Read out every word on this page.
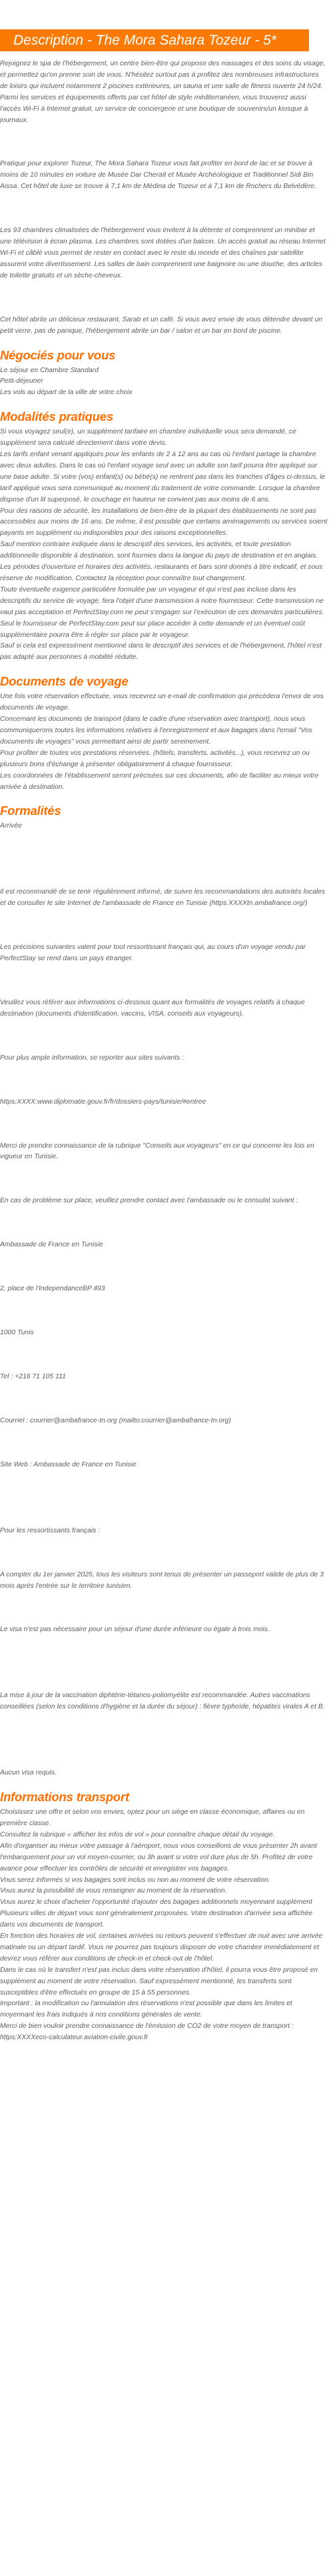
Description - The Mora Sahara Tozeur - 5*

Rejoignez le spa de l'hébergement, un centre bien-être qui propose des massages et des soins du visage, et permettez qu'on prenne soin de vous. N'hésitez surtout pas à profitez des nombreuses infrastructures de loisirs qui incluent notamment 2 piscines extérieures, un sauna et une salle de fitness ouverte 24 h/24. Parmi les services et équipements offerts par cet hôtel de style méditerranéen, vous trouverez aussi l'accès Wi-Fi à Internet gratuit, un service de conciergerie et une boutique de souvenirs/un kiosque à journaux.

Pratique pour explorer Tozeur, The Mora Sahara Tozeur vous fait profiter en bord de lac et se trouve à moins de 10 minutes en voiture de Musée Dar Cheraït et Musée Archéologique et Traditionnel Sidi Bin Aissa. Cet hôtel de luxe se trouve à 7,1 km de Médina de Tozeur et à 7,1 km de Rochers du Belvédère.

Les 93 chambres climatisées de l'hébergement vous invitent à la détente et comprennent un minibar et une télévision à écran plasma. Les chambres sont dotées d'un balcon. Un accès gratuit au réseau Internet Wi-Fi et câblé vous permet de rester en contact avec le reste du monde et des chaînes par satellite assurent votre divertissement. Les salles de bain comprennent une baignoire ou une douche, des articles de toilette gratuits et un sèche-cheveux.

Cet hôtel abrite un délicieux restaurant, Sarab et un café. Si vous avez envie de vous détendre devant un petit verre, pas de panique, l'hébergement abrite un bar / salon et un bar en bord de piscine.

Négociés pour vous

Le séjour en Chambre Standard

Petit-déjeuner

Les vols au départ de la ville de votre choix

Modalités pratiques

Si vous voyagez seul(e), un supplément tarifaire en chambre individuelle vous sera demandé, ce supplément sera calculé directement dans votre devis.

Les tarifs enfant venant appliqués pour les enfants de 2 à 12 ans au cas où l'enfant partage la chambre avec deux adultes. Dans le cas où l'enfant voyage seul avec un adulte son tarif pourra être appliqué sur une base adulte. Si votre (vos) enfant(s) ou bébé(s) ne rentrent pas dans les tranches d'âges ci-dessus, le tarif appliqué vous sera communiqué au moment du traitement de votre commande. Lorsque la chambre dispose d'un lit superposé, le couchage en hauteur ne convient pas aux moins de 6 ans.

Pour des raisons de sécurité, les installations de bien-être de la plupart des établissements ne sont pas accessibles aux moins de 16 ans. De même, il est possible que certains aménagements ou services soient payants en supplément ou indisponibles pour des raisons exceptionnelles.

Sauf mention contraire indiquée dans le descriptif des services, les activités, et toute prestation additionnelle disponible à destination, sont fournies dans la langue du pays de destination et en anglais.

Les périodes d'ouverture et horaires des activités, restaurants et bars sont donnés à titre indicatif, et sous réserve de modification. Contactez la réception pour connaître tout changement.

Toute éventuelle exigence particulière formulée par un voyageur et qui n'est pas incluse dans les descriptifs du service de voyage, fera l'objet d'une transmission à notre fournisseur. Cette transmission ne vaut pas acceptation et PerfectStay.com ne peut s'engager sur l'exécution de ces demandes particulières. Seul le fournisseur de PerfectStay.com peut sur place accéder à cette demande et un éventuel coût supplémentaire pourra être à régler sur place par le voyageur.

Sauf si cela est expressément mentionné dans le descriptif des services et de l'hébergement, l'hôtel n'est pas adapté aux personnes à mobilité réduite.

Documents de voyage

Une fois votre réservation effectuée, vous recevrez un e-mail de confirmation qui précèdera l'envoi de vos documents de voyage.

Concernant les documents de transport (dans le cadre d'une réservation avec transport), nous vous communiquerons toutes les informations relatives à l'enregistrement et aux bagages dans l'email "Vos documents de voyages" vous permettant ainsi de partir sereinement.

Pour profiter de toutes vos prestations réservées, (hôtels, transferts, activités...), vous recevrez un ou plusieurs bons d'échange à présenter obligatoirement à chaque fournisseur.

Les coordonnées de l'établissement seront précisées sur ces documents, afin de faciliter au mieux votre arrivée à destination.

Formalités

Arrivée

Il est recommandé de se tenir régulièrement informé, de suivre les recommandations des autorités locales et de consulter le site Internet de l'ambassade de France en Tunisie (https:XXXXtn.ambafrance.org/)

Les précisions suivantes valent pour tout ressortissant français qui, au cours d'un voyage vendu par PerfectStay se rend dans un pays étranger.

Veuillez vous référer aux informations ci-dessous quant aux formalités de voyages relatifs à chaque destination (documents d'identification, vaccins, VISA, conseils aux voyageurs).

Pour plus ample information, se reporter aux sites suivants :

https:XXXX:www.diplomatie.gouv.fr/fr/dossiers-pays/tunisie/#entree

Merci de prendre connaissance de la rubrique "Conseils aux voyageurs" en ce qui concerne les lois en vigueur en Tunisie.

En cas de problème sur place, veuillez prendre contact avec l'ambassade ou le consulat suivant :

Ambassade de France en Tunisie

2, place de l'IndependanceBP 493

1000 Tunis

Tel : +216 71 105 111

Courriel : courrier@ambafrance-tn.org (mailto:courrier@ambafrance-tn.org)

Site Web : Ambassade de France en Tunisie

Pour les ressortissants français :

A compter du 1er janvier 2025, tous les visiteurs sont tenus de présenter un passeport valide de plus de 3 mois après l'entrée sur le territoire tunisien.

Le visa n'est pas nécessaire pour un séjour d'une durée inférieure ou égale à trois mois.

La mise à jour de la vaccination diphtérie-tétanos-poliomyélite est recommandée. Autres vaccinations conseillées (selon les conditions d'hygiène et la durée du séjour) : fièvre typhoïde, hépatites virales A et B.

Aucun visa requis.

Informations transport

Choisissez une offre et selon vos envies, optez pour un siège en classe économique, affaires ou en première classe.

Consultez la rubrique « afficher les infos de vol » pour connaître chaque détail du voyage.

Afin d'organiser au mieux votre passage à l'aéroport, nous vous conseillons de vous présenter 2h avant l'embarquement pour un vol moyen-courrier, ou 3h avant si votre vol dure plus de 5h. Profitez de votre avance pour effectuer les contrôles de sécurité et enregistrer vos bagages.

Vous serez informés si vos bagages sont inclus ou non au moment de votre réservation.

Vous aurez la possibilité de vous renseigner au moment de la réservation.

Vous aurez le choix d'acheter l'opportunité d'ajouter des bagages additionnels moyennant supplément

Plusieurs villes de départ vous sont généralement proposées. Votre destination d'arrivée sera affichée dans vos documents de transport.

En fonction des horaires de vol, certaines arrivées ou retours peuvent s'effectuer de nuit avec une arrivée matinale ou un départ tardif. Vous ne pourrez pas toujours disposer de votre chambre immédiatement et devrez vous référer aux conditions de check-in et check-out de l'hôtel.

Dans le cas où le transfert n'est pas inclus dans votre réservation d'hôtel, il pourra vous être proposé en supplément au moment de votre réservation. Sauf expressément mentionné, les transferts sont susceptibles d'être effectués en groupe de 15 à 55 personnes.

Important : la modification ou l'annulation des réservations n'est possible que dans les limites et moyennant les frais indiqués à nos conditions générales de vente.

Merci de bien vouloir prendre connaissance de l'émission de CO2 de votre moyen de transport : https:XXXXeco-calculateur.aviation-civile.gouv.fr
